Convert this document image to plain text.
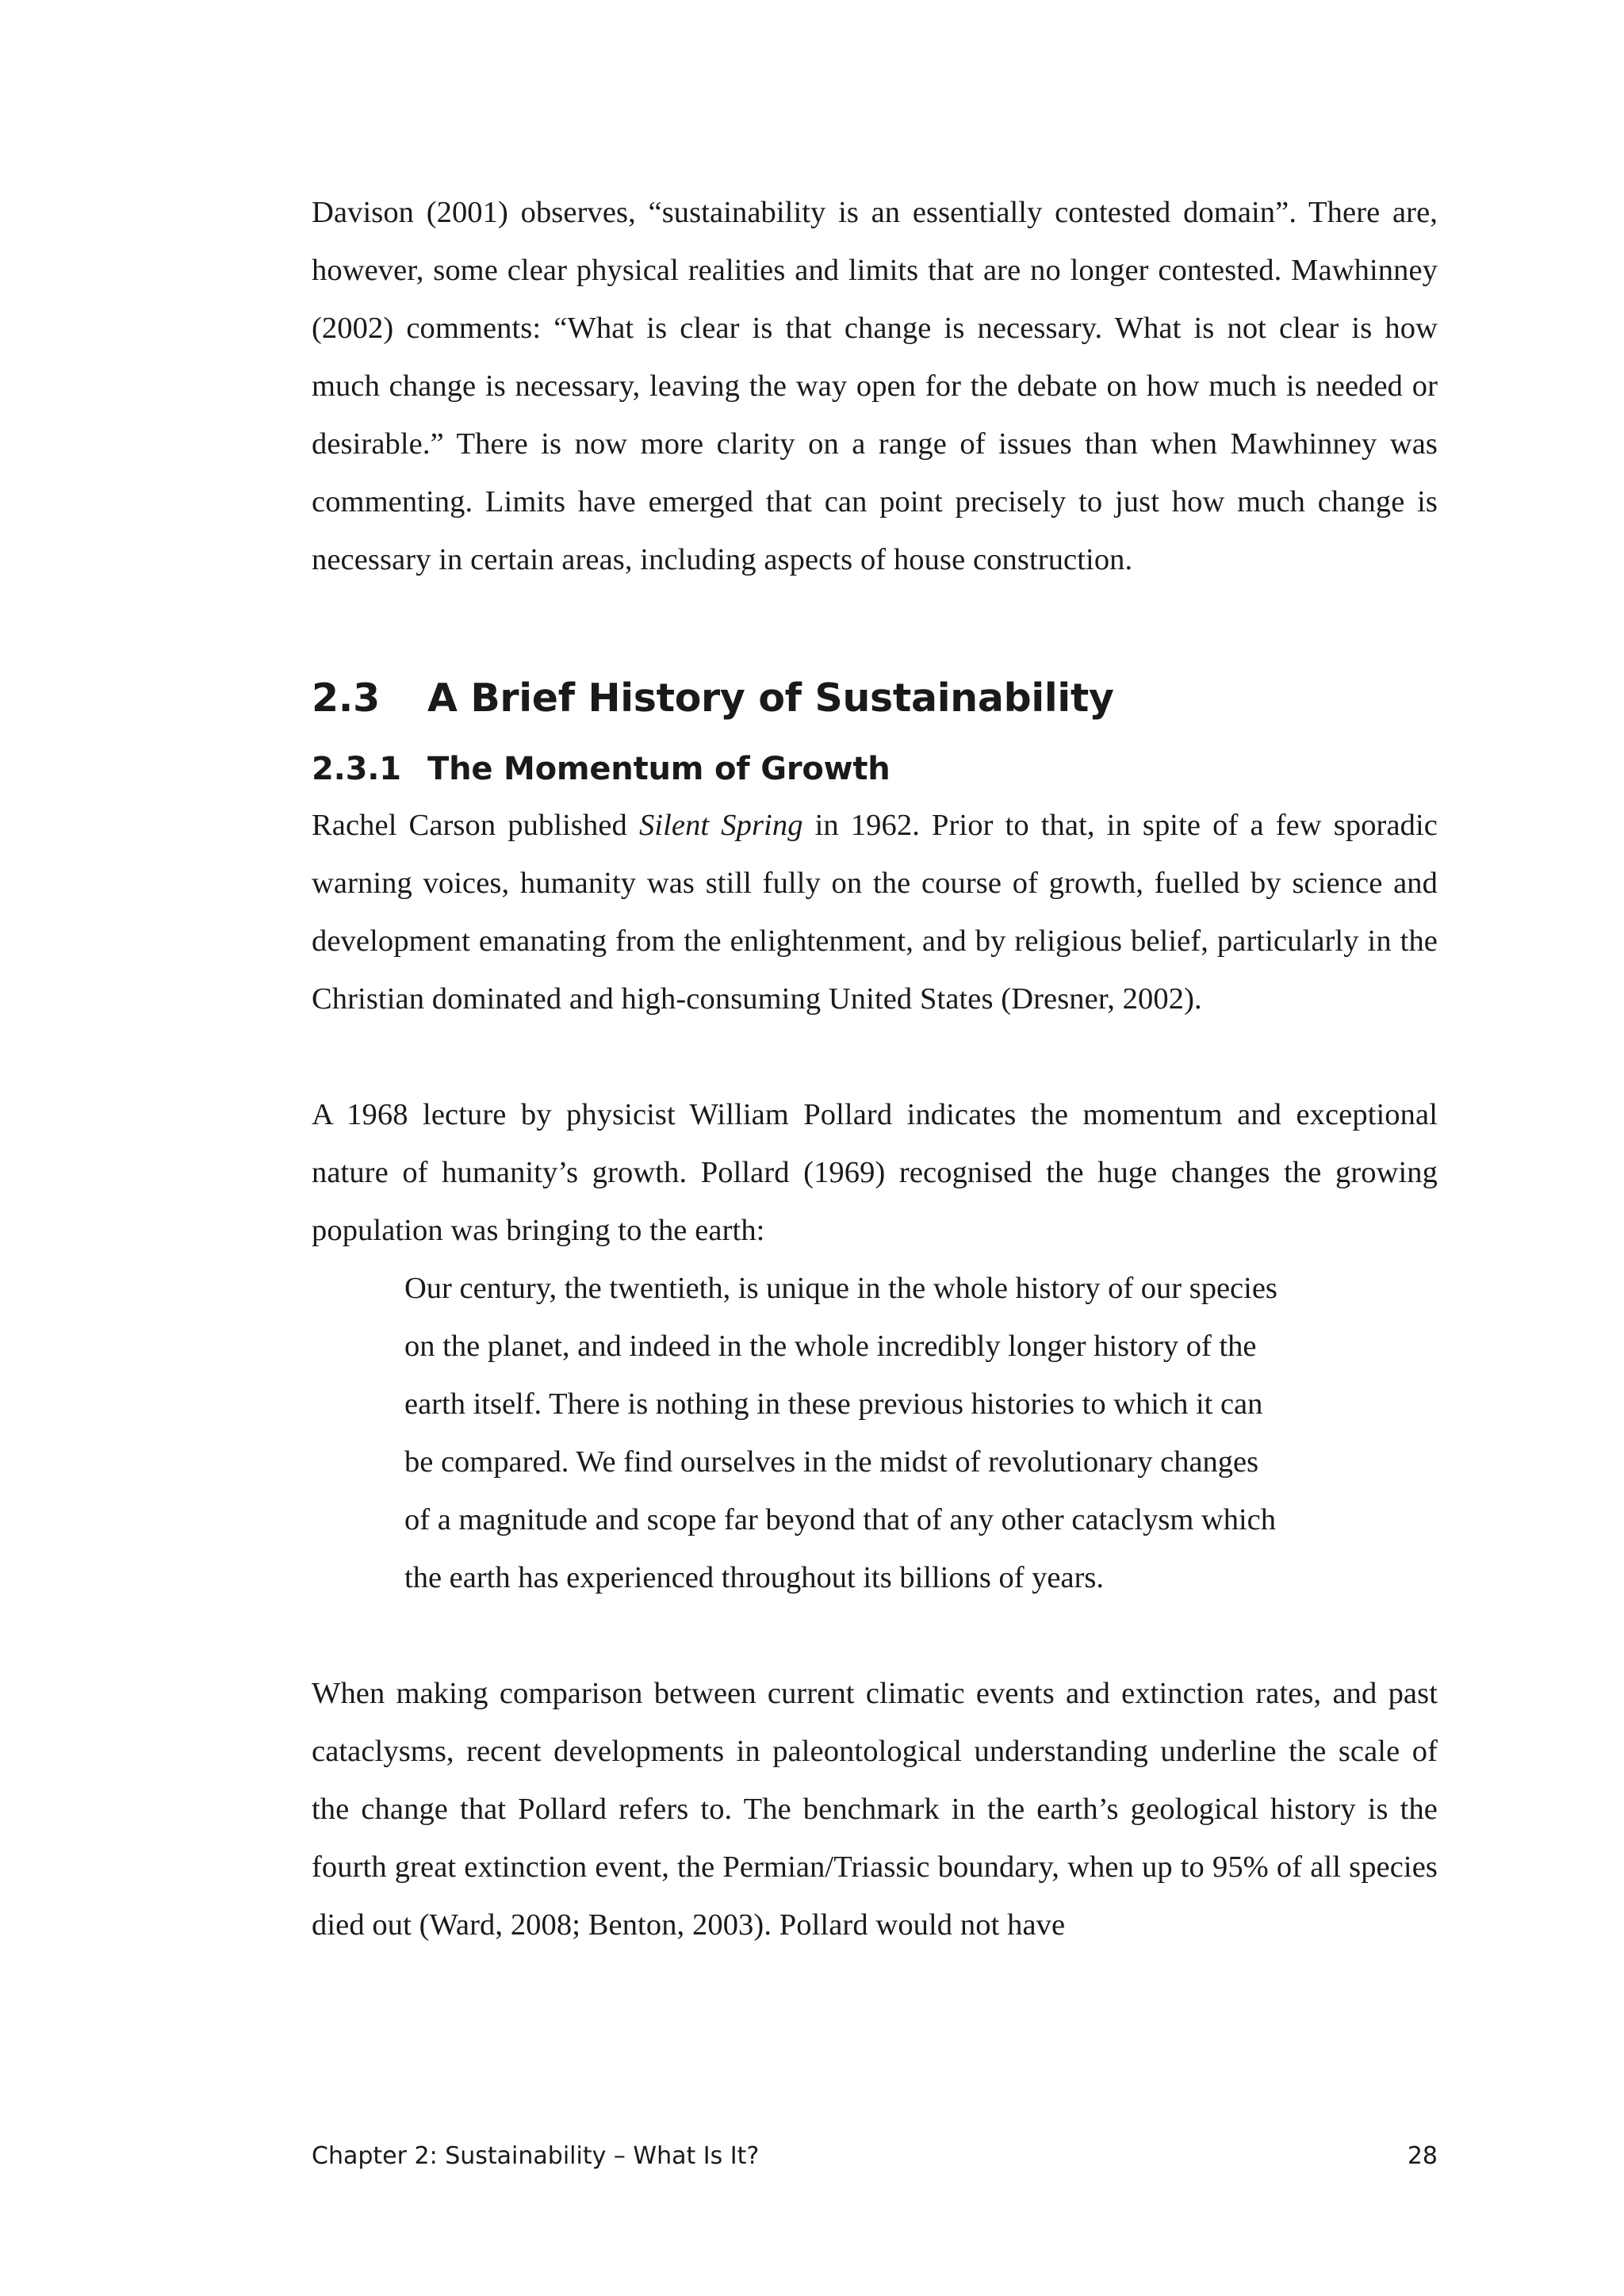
Davison (2001) observes, “sustainability is an essentially contested domain”. There are, however, some clear physical realities and limits that are no longer contested. Mawhinney (2002) comments: “What is clear is that change is necessary. What is not clear is how much change is necessary, leaving the way open for the debate on how much is needed or desirable.” There is now more clarity on a range of issues than when Mawhinney was commenting. Limits have emerged that can point precisely to just how much change is necessary in certain areas, including aspects of house construction.

2.3	A Brief History of Sustainability
2.3.1 The Momentum of Growth

Rachel Carson published Silent Spring in 1962. Prior to that, in spite of a few sporadic warning voices, humanity was still fully on the course of growth, fuelled by science and development emanating from the enlightenment, and by religious belief, particularly in the Christian dominated and high-consuming United States (Dresner, 2002).

A 1968 lecture by physicist William Pollard indicates the momentum and exceptional nature of humanity’s growth. Pollard (1969) recognised the huge changes the growing population was bringing to the earth:

Our century, the twentieth, is unique in the whole history of our species
on the planet, and indeed in the whole incredibly longer history of the
earth itself. There is nothing in these previous histories to which it can
be compared. We find ourselves in the midst of revolutionary changes
of a magnitude and scope far beyond that of any other cataclysm which
the earth has experienced throughout its billions of years.

When making comparison between current climatic events and extinction rates, and past cataclysms, recent developments in paleontological understanding underline the scale of the change that Pollard refers to. The benchmark in the earth’s geological history is the fourth great extinction event, the Permian/Triassic boundary, when up to 95% of all species died out (Ward, 2008; Benton, 2003). Pollard would not have

Chapter 2: Sustainability – What Is It?	28
